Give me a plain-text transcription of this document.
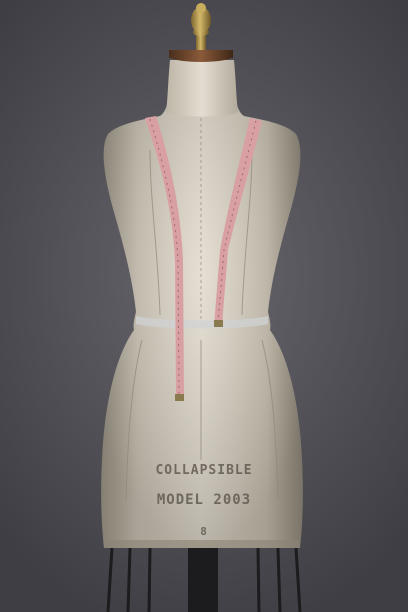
COLLAPSIBLE
MODEL 2003
8
